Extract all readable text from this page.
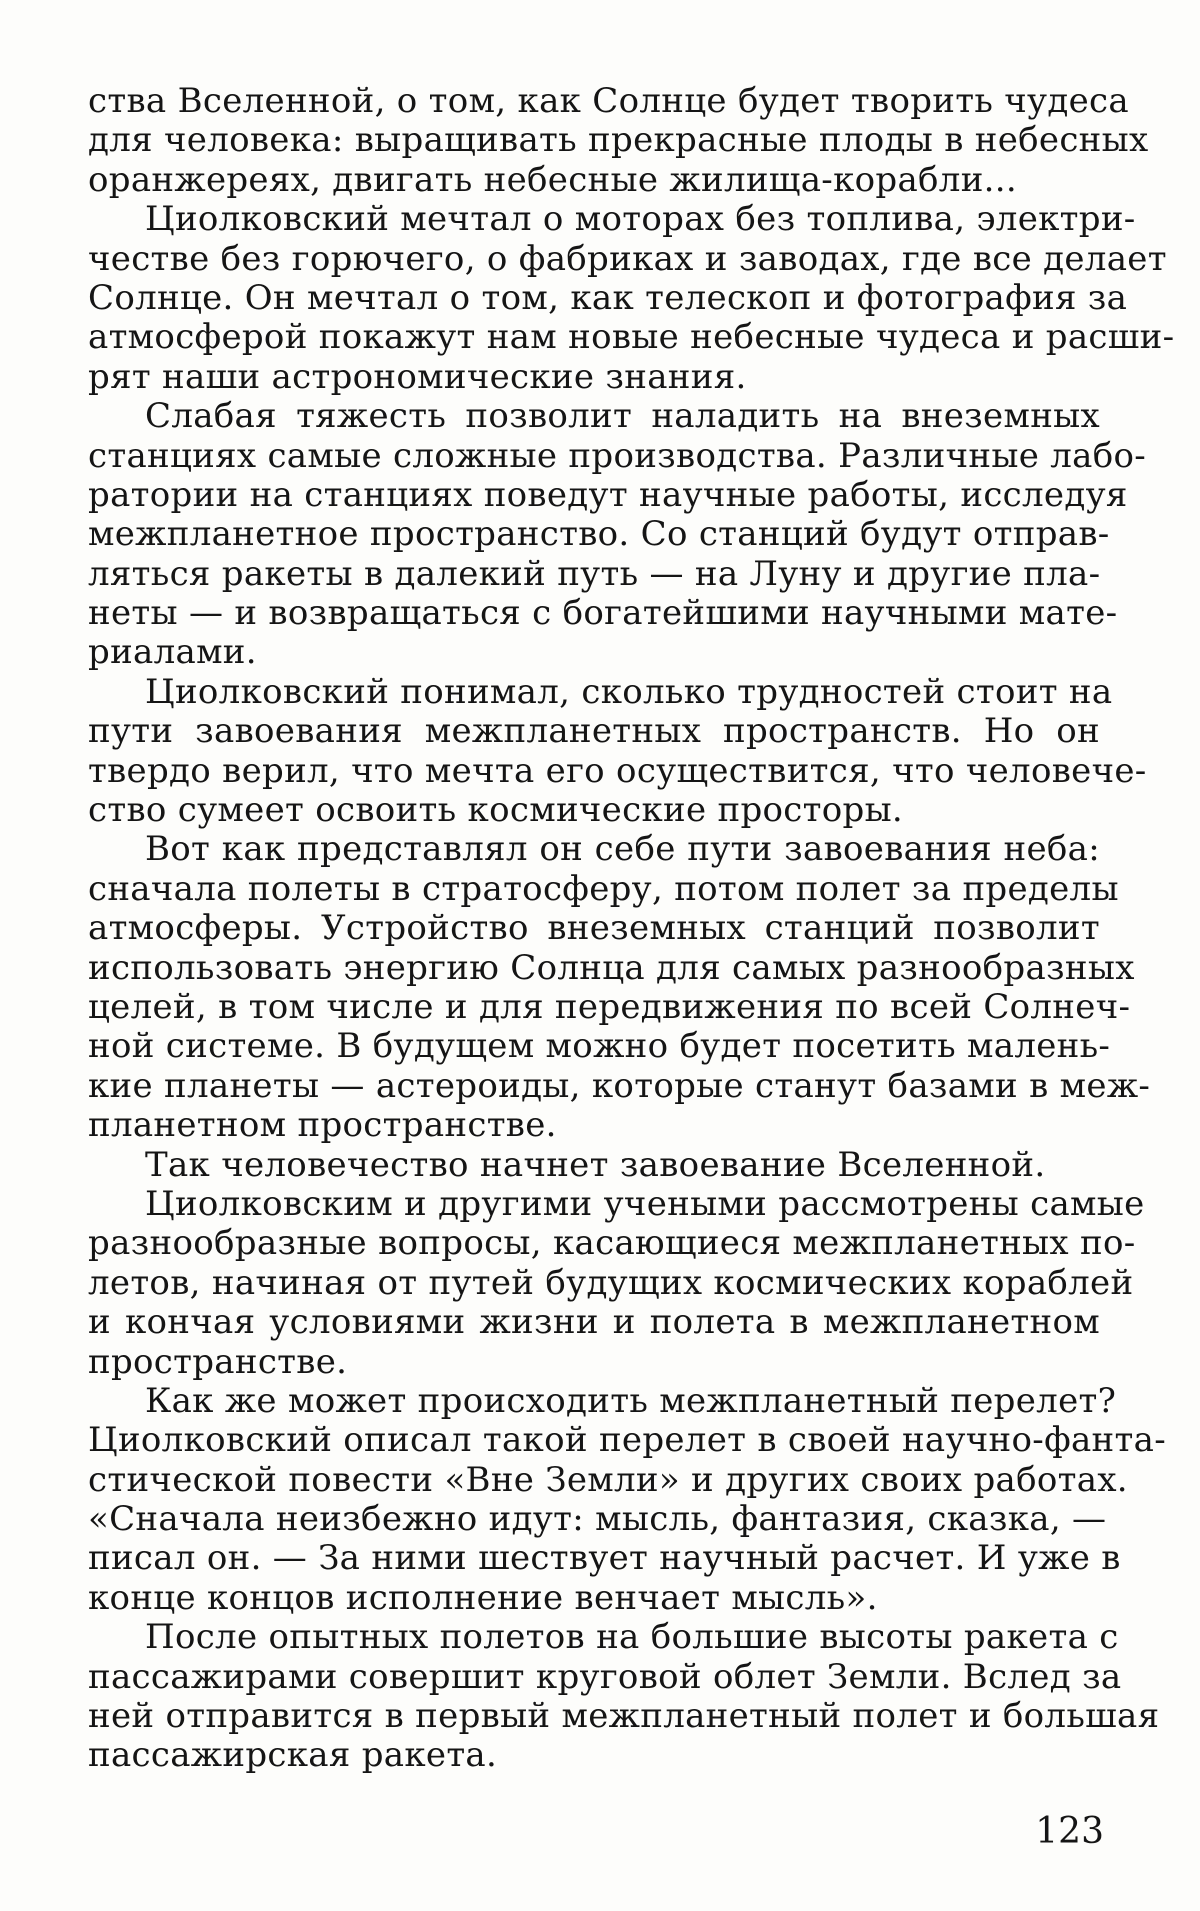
ства Вселенной, о том, как Солнце будет творить чудеса
для человека: выращивать прекрасные плоды в небесных
оранжереях, двигать небесные жилища-корабли...
Циолковский мечтал о моторах без топлива, электри-
честве без горючего, о фабриках и заводах, где все делает
Солнце. Он мечтал о том, как телескоп и фотография за
атмосферой покажут нам новые небесные чудеса и расши-
рят наши астрономические знания.
Слабая тяжесть позволит наладить на внеземных
станциях самые сложные производства. Различные лабо-
ратории на станциях поведут научные работы, исследуя
межпланетное пространство. Со станций будут отправ-
ляться ракеты в далекий путь — на Луну и другие пла-
неты — и возвращаться с богатейшими научными мате-
риалами.
Циолковский понимал, сколько трудностей стоит на
пути завоевания межпланетных пространств. Но он
твердо верил, что мечта его осуществится, что человече-
ство сумеет освоить космические просторы.
Вот как представлял он себе пути завоевания неба:
сначала полеты в стратосферу, потом полет за пределы
атмосферы. Устройство внеземных станций позволит
использовать энергию Солнца для самых разнообразных
целей, в том числе и для передвижения по всей Солнеч-
ной системе. В будущем можно будет посетить малень-
кие планеты — астероиды, которые станут базами в меж-
планетном пространстве.
Так человечество начнет завоевание Вселенной.
Циолковским и другими учеными рассмотрены самые
разнообразные вопросы, касающиеся межпланетных по-
летов, начиная от путей будущих космических кораблей
и кончая условиями жизни и полета в межпланетном
пространстве.
Как же может происходить межпланетный перелет?
Циолковский описал такой перелет в своей научно-фанта-
стической повести «Вне Земли» и других своих работах.
«Сначала неизбежно идут: мысль, фантазия, сказка, —
писал он. — За ними шествует научный расчет. И уже в
конце концов исполнение венчает мысль».
После опытных полетов на большие высоты ракета с
пассажирами совершит круговой облет Земли. Вслед за
ней отправится в первый межпланетный полет и большая
пассажирская ракета.
123
